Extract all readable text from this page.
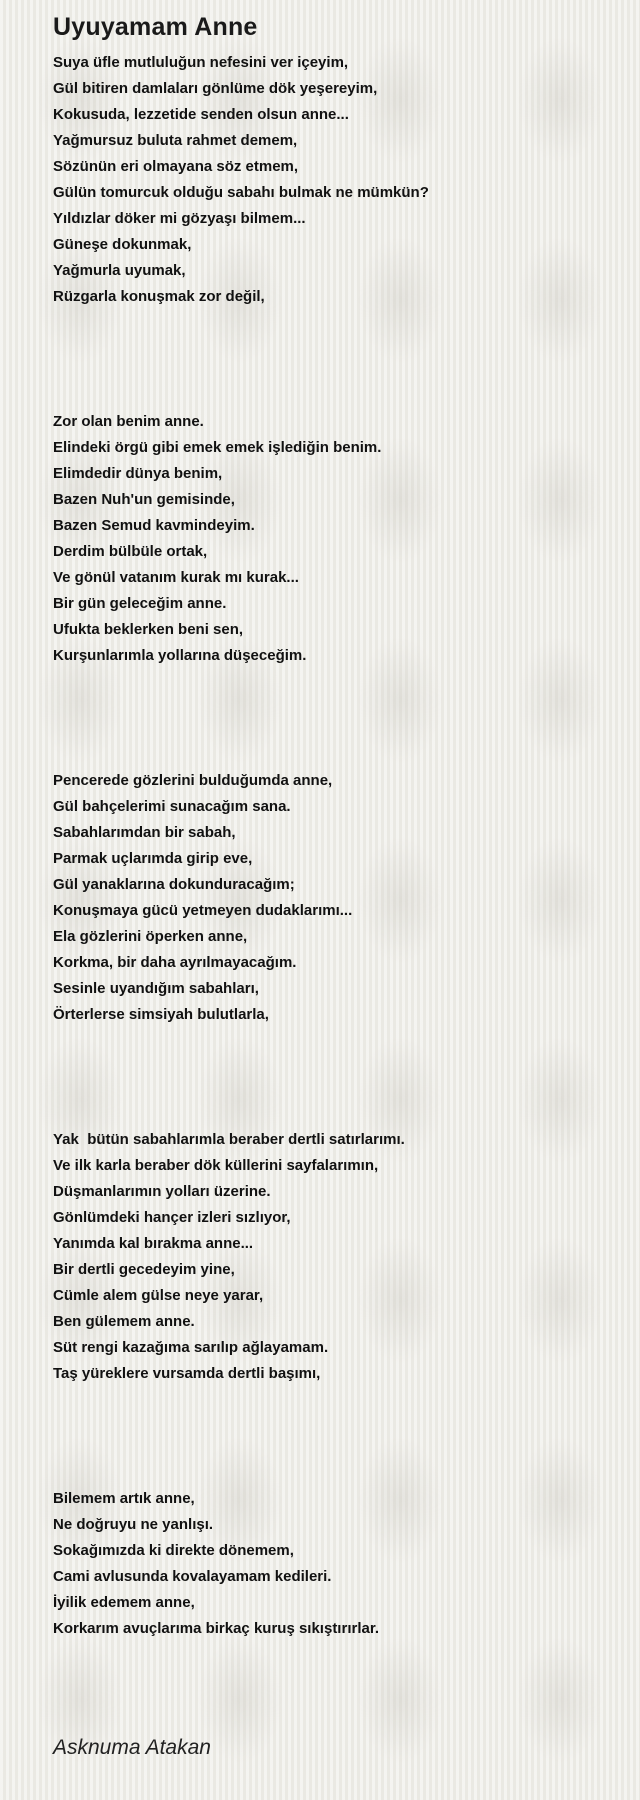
Uyuyamam Anne
Suya üfle mutluluğun nefesini ver içeyim,
Gül bitiren damlaları gönlüme dök yeşereyim,
Kokusuda, lezzetide senden olsun anne...
Yağmursuz buluta rahmet demem,
Sözünün eri olmayana söz etmem,
Gülün tomurcuk olduğu sabahı bulmak ne mümkün?
Yıldızlar döker mi gözyaşı bilmem...
Güneşe dokunmak,
Yağmurla uyumak,
Rüzgarla konuşmak zor değil,
Zor olan benim anne.
Elindeki örgü gibi emek emek işlediğin benim.
Elimdedir dünya benim,
Bazen Nuh'un gemisinde,
Bazen Semud kavmindeyim.
Derdim bülbüle ortak,
Ve gönül vatanım kurak mı kurak...
Bir gün geleceğim anne.
Ufukta beklerken beni sen,
Kurşunlarımla yollarına düşeceğim.
Pencerede gözlerini bulduğumda anne,
Gül bahçelerimi sunacağım sana.
Sabahlarımdan bir sabah,
Parmak uçlarımda girip eve,
Gül yanaklarına dokunduracağım;
Konuşmaya gücü yetmeyen dudaklarımı...
Ela gözlerini öperken anne,
Korkma, bir daha ayrılmayacağım.
Sesinle uyandığım sabahları,
Örterlerse simsiyah bulutlarla,
Yak  bütün sabahlarımla beraber dertli satırlarımı.
Ve ilk karla beraber dök küllerini sayfalarımın,
Düşmanlarımın yolları üzerine.
Gönlümdeki hançer izleri sızlıyor,
Yanımda kal bırakma anne...
Bir dertli gecedeyim yine,
Cümle alem gülse neye yarar,
Ben gülemem anne.
Süt rengi kazağıma sarılıp ağlayamam.
Taş yüreklere vursamda dertli başımı,
Bilemem artık anne,
Ne doğruyu ne yanlışı.
Sokağımızda ki direkte dönemem,
Cami avlusunda kovalayamam kedileri.
İyilik edemem anne,
Korkarım avuçlarıma birkaç kuruş sıkıştırırlar.
Asknuma Atakan
